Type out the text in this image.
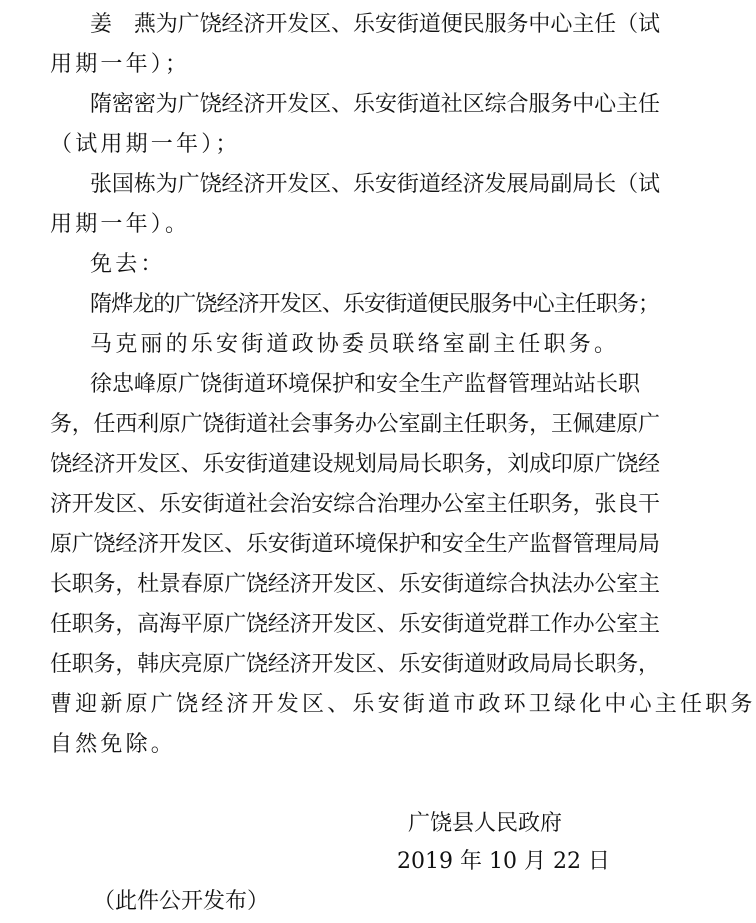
姜　燕为广饶经济开发区、乐安街道便民服务中心主任（试
用期一年）；
隋密密为广饶经济开发区、乐安街道社区综合服务中心主任
（试用期一年）；
张国栋为广饶经济开发区、乐安街道经济发展局副局长（试
用期一年）。
免去：
隋烨龙的广饶经济开发区、乐安街道便民服务中心主任职务；
马克丽的乐安街道政协委员联络室副主任职务。
徐忠峰原广饶街道环境保护和安全生产监督管理站站长职
务，任西利原广饶街道社会事务办公室副主任职务，王佩建原广
饶经济开发区、乐安街道建设规划局局长职务，刘成印原广饶经
济开发区、乐安街道社会治安综合治理办公室主任职务，张良干
原广饶经济开发区、乐安街道环境保护和安全生产监督管理局局
长职务，杜景春原广饶经济开发区、乐安街道综合执法办公室主
任职务，高海平原广饶经济开发区、乐安街道党群工作办公室主
任职务，韩庆亮原广饶经济开发区、乐安街道财政局局长职务，
曹迎新原广饶经济开发区、乐安街道市政环卫绿化中心主任职务
自然免除。
广饶县人民政府
2019 年 10 月 22 日
（此件公开发布）
